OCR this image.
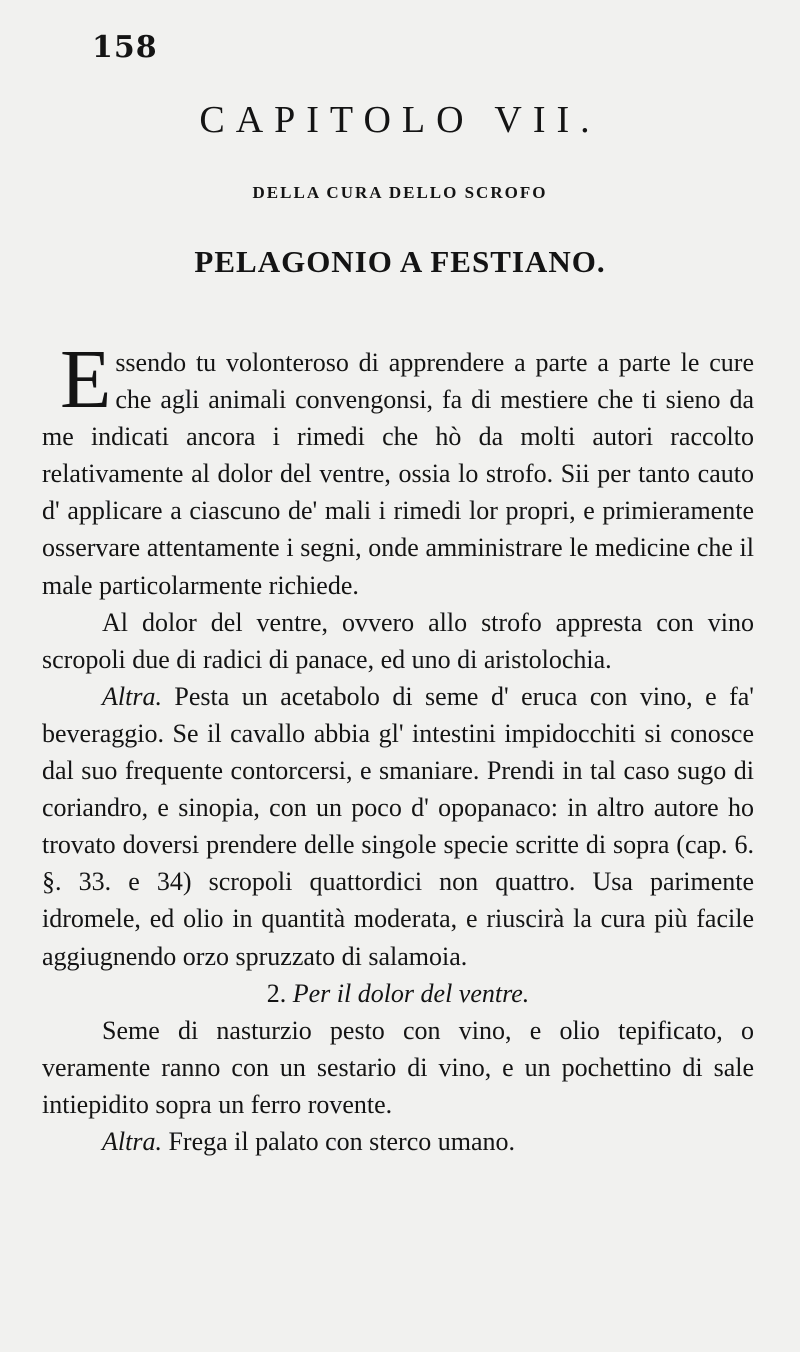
158
CAPITOLO VII.
DELLA CURA DELLO SCROFO
PELAGONIO A FESTIANO.

Essendo tu volonteroso di apprendere a parte a parte le cure che agli animali convengonsi, fa di mestiere che ti sieno da me indicati ancora i rimedi che hò da molti autori raccolto relativamente al dolor del ventre, ossia lo strofo. Sii per tanto cauto d' applicare a ciascuno de' mali i rimedi lor propri, e primieramente osservare attentamente i segni, onde amministrare le medicine che il male particolarmente richiede.

Al dolor del ventre, ovvero allo strofo appresta con vino scropoli due di radici di panace, ed uno di aristolochia.

Altra. Pesta un acetabolo di seme d' eruca con vino, e fa' beveraggio. Se il cavallo abbia gl' intestini impidocchiti si conosce dal suo frequente contorcersi, e smaniare. Prendi in tal caso sugo di coriandro, e sinopia, con un poco d' opopanaco: in altro autore ho trovato doversi prendere delle singole specie scritte di sopra (cap. 6. §. 33. e 34) scropoli quattordici non quattro. Usa parimente idromele, ed olio in quantità moderata, e riuscirà la cura più facile aggiugnendo orzo spruzzato di salamoia.

2. Per il dolor del ventre.

Seme di nasturzio pesto con vino, e olio tepificato, o veramente ranno con un sestario di vino, e un pochettino di sale intiepidito sopra un ferro rovente.

Altra. Frega il palato con sterco umano.
